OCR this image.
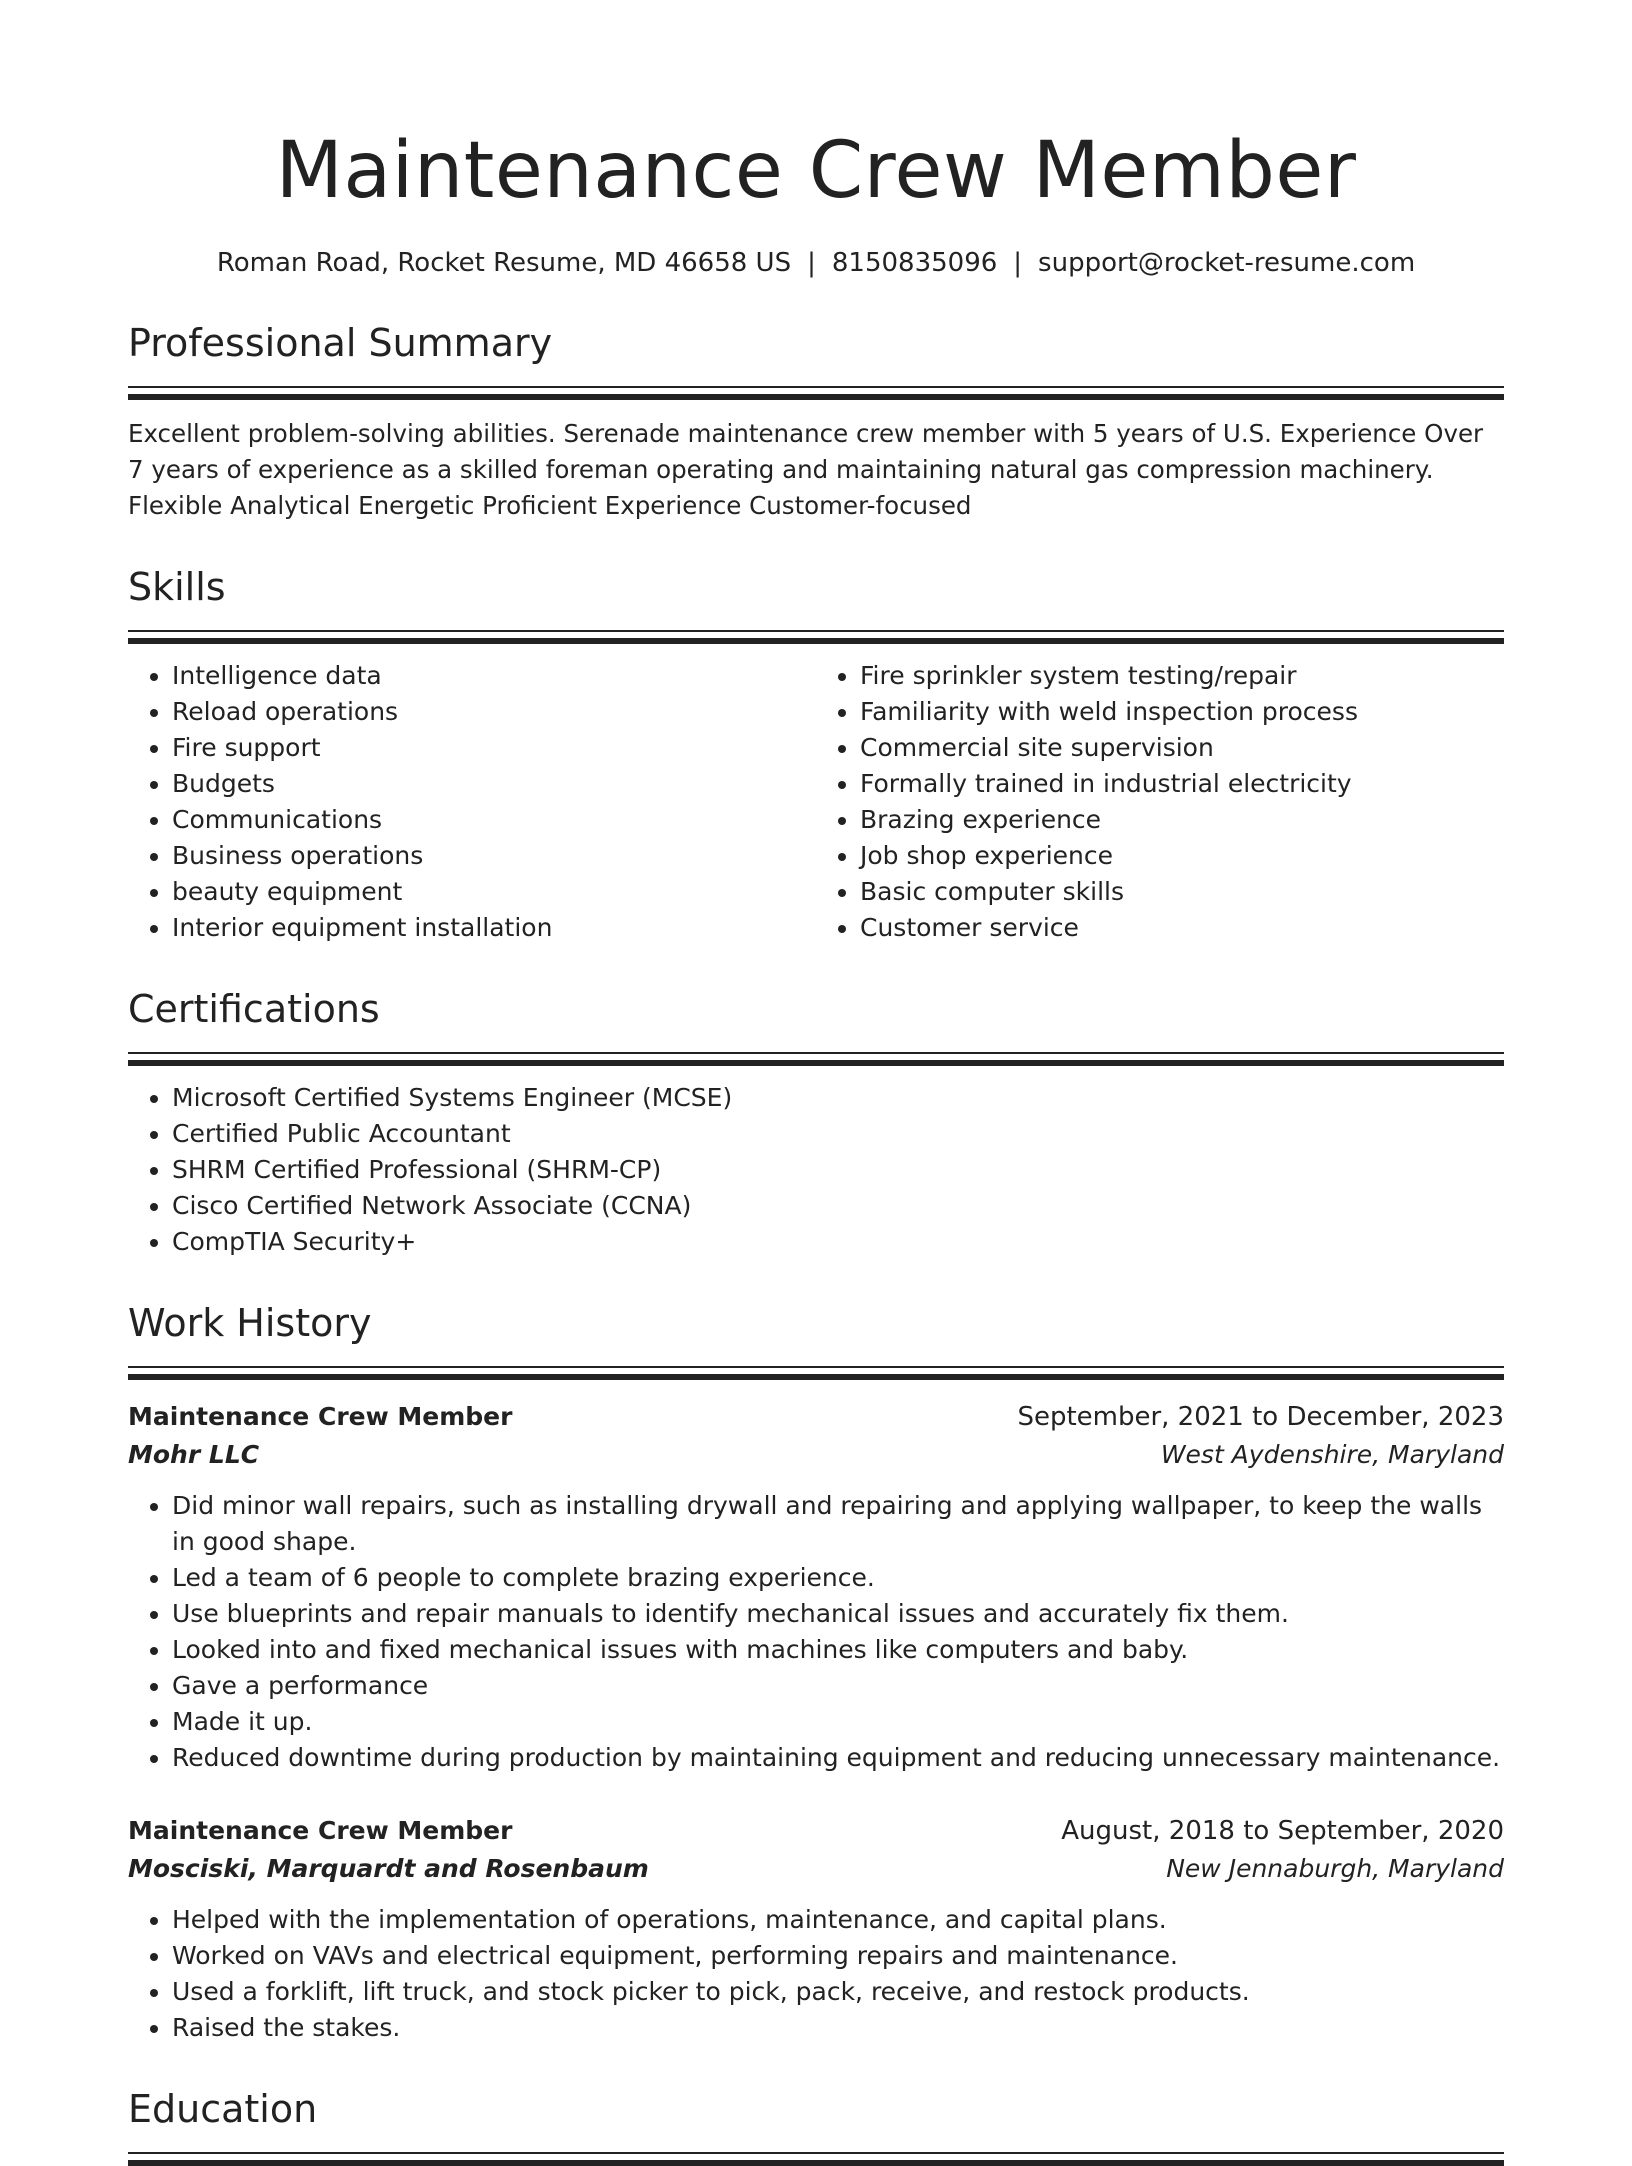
Maintenance Crew Member
Roman Road, Rocket Resume, MD 46658 US | 8150835096 | support@rocket-resume.com
Professional Summary

Excellent problem-solving abilities. Serenade maintenance crew member with 5 years of U.S. Experience Over 7 years of experience as a skilled foreman operating and maintaining natural gas compression machinery. Flexible Analytical Energetic Proficient Experience Customer-focused

Skills
• Intelligence data
• Reload operations
• Fire support
• Budgets
• Communications
• Business operations
• beauty equipment
• Interior equipment installation
• Fire sprinkler system testing/repair
• Familiarity with weld inspection process
• Commercial site supervision
• Formally trained in industrial electricity
• Brazing experience
• Job shop experience
• Basic computer skills
• Customer service
Certifications
• Microsoft Certified Systems Engineer (MCSE)
• Certified Public Accountant
• SHRM Certified Professional (SHRM-CP)
• Cisco Certified Network Associate (CCNA)
• CompTIA Security+
Work History
Maintenance Crew Member	September, 2021 to December, 2023
Mohr LLC	West Aydenshire, Maryland
• Did minor wall repairs, such as installing drywall and repairing and applying wallpaper, to keep the walls in good shape.
• Led a team of 6 people to complete brazing experience.
• Use blueprints and repair manuals to identify mechanical issues and accurately fix them.
• Looked into and fixed mechanical issues with machines like computers and baby.
• Gave a performance
• Made it up.
• Reduced downtime during production by maintaining equipment and reducing unnecessary maintenance.
Maintenance Crew Member	August, 2018 to September, 2020
Mosciski, Marquardt and Rosenbaum	New Jennaburgh, Maryland
• Helped with the implementation of operations, maintenance, and capital plans.
• Worked on VAVs and electrical equipment, performing repairs and maintenance.
• Used a forklift, lift truck, and stock picker to pick, pack, receive, and restock products.
• Raised the stakes.
Education
